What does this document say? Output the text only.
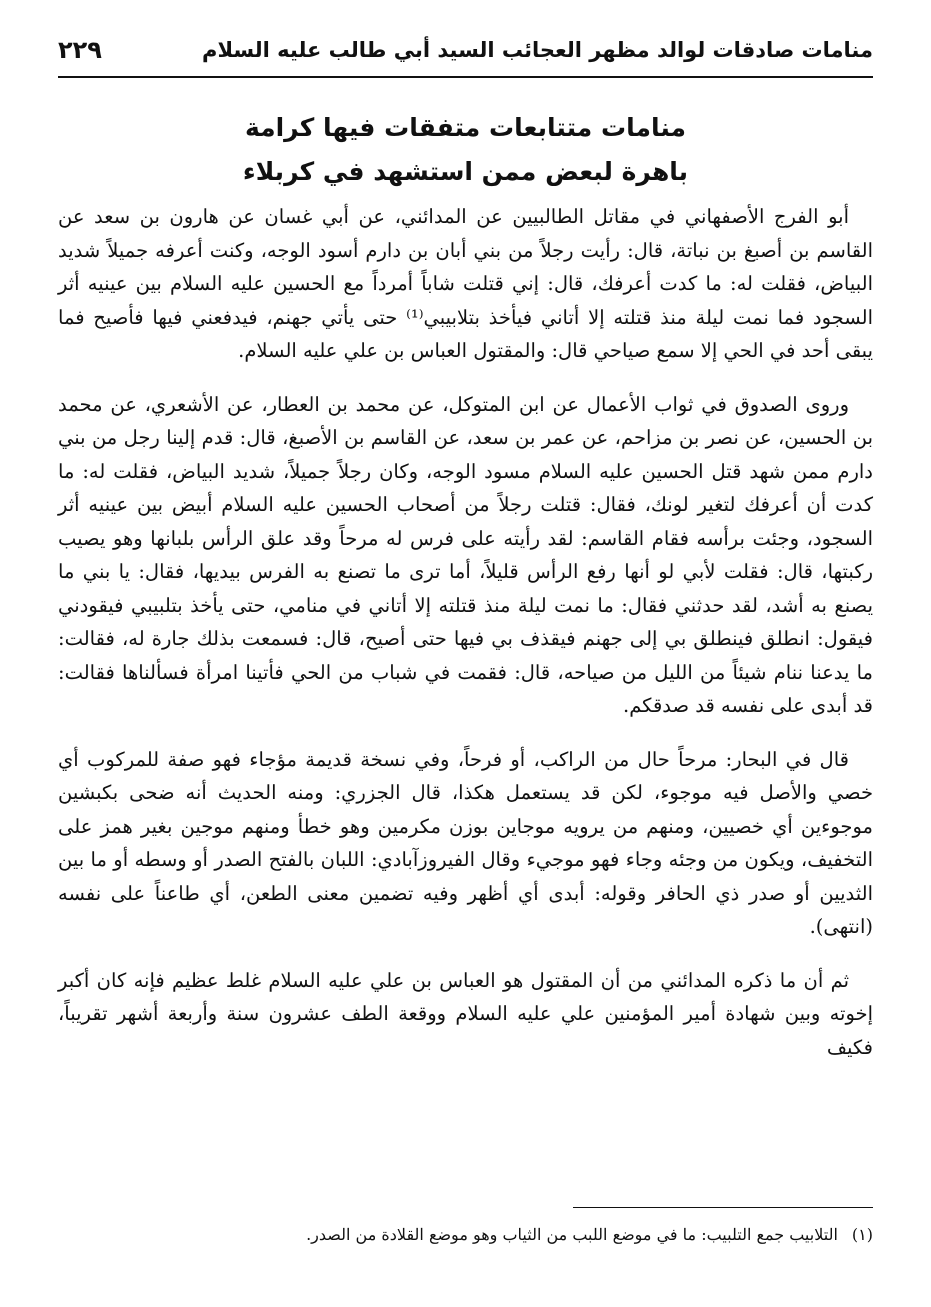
منامات صادقات لوالد مظهر العجائب السيد أبي طالب عليه السلام
٢٢٩
منامات متتابعات متفقات فيها كرامة
باهرة لبعض ممن استشهد في كربلاء

أبو الفرج الأصفهاني في مقاتل الطالبيين عن المدائني، عن أبي غسان عن هارون بن سعد عن القاسم بن أصبغ بن نباتة، قال: رأيت رجلاً من بني أبان بن دارم أسود الوجه، وكنت أعرفه جميلاً شديد البياض، فقلت له: ما كدت أعرفك، قال: إني قتلت شاباً أمرداً مع الحسين عليه السلام بين عينيه أثر السجود فما نمت ليلة منذ قتلته إلا أتاني فيأخذ بتلابيبي⁽¹⁾ حتى يأتي جهنم، فيدفعني فيها فأصيح فما يبقى أحد في الحي إلا سمع صياحي قال: والمقتول العباس بن علي عليه السلام.

وروى الصدوق في ثواب الأعمال عن ابن المتوكل، عن محمد بن العطار، عن الأشعري، عن محمد بن الحسين، عن نصر بن مزاحم، عن عمر بن سعد، عن القاسم بن الأصبغ، قال: قدم إلينا رجل من بني دارم ممن شهد قتل الحسين عليه السلام مسود الوجه، وكان رجلاً جميلاً، شديد البياض، فقلت له: ما كدت أن أعرفك لتغير لونك، فقال: قتلت رجلاً من أصحاب الحسين عليه السلام أبيض بين عينيه أثر السجود، وجئت برأسه فقام القاسم: لقد رأيته على فرس له مرحاً وقد علق الرأس بلبانها وهو يصيب ركبتها، قال: فقلت لأبي لو أنها رفع الرأس قليلاً، أما ترى ما تصنع به الفرس بيديها، فقال: يا بني ما يصنع به أشد، لقد حدثني فقال: ما نمت ليلة منذ قتلته إلا أتاني في منامي، حتى يأخذ بتلبيبي فيقودني فيقول: انطلق فينطلق بي إلى جهنم فيقذف بي فيها حتى أصيح، قال: فسمعت بذلك جارة له، فقالت: ما يدعنا ننام شيئاً من الليل من صياحه، قال: فقمت في شباب من الحي فأتينا امرأة فسألناها فقالت: قد أبدى على نفسه قد صدقكم.

قال في البحار: مرحاً حال من الراكب، أو فرحاً، وفي نسخة قديمة مؤجاء فهو صفة للمركوب أي خصي والأصل فيه موجوء، لكن قد يستعمل هكذا، قال الجزري: ومنه الحديث أنه ضحى بكبشين موجوءين أي خصيين، ومنهم من يرويه موجاين بوزن مكرمين وهو خطأ ومنهم موجين بغير همز على التخفيف، ويكون من وجئه وجاء فهو موجيء وقال الفيروزآبادي: اللبان بالفتح الصدر أو وسطه أو ما بين الثديين أو صدر ذي الحافر وقوله: أبدى أي أظهر وفيه تضمين معنى الطعن، أي طاعناً على نفسه (انتهى).

ثم أن ما ذكره المدائني من أن المقتول هو العباس بن علي عليه السلام غلط عظيم فإنه كان أكبر إخوته وبين شهادة أمير المؤمنين علي عليه السلام ووقعة الطف عشرون سنة وأربعة أشهر تقريباً، فكيف

(١)
التلابيب جمع التلبيب: ما في موضع اللبب من الثياب وهو موضع القلادة من الصدر.
